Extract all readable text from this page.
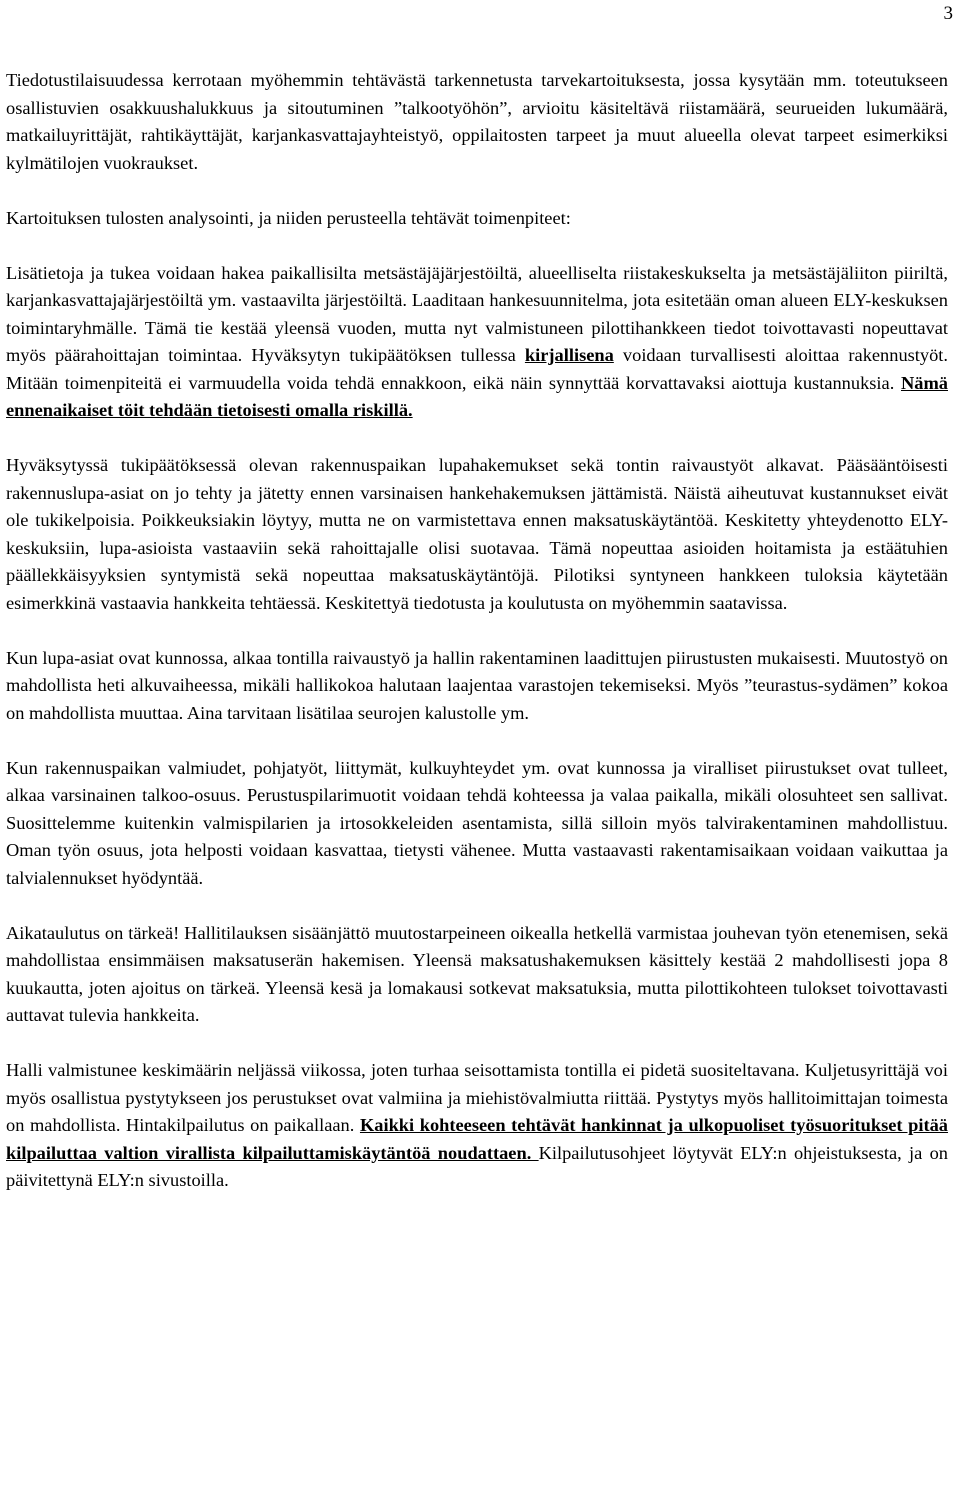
3

Tiedotustilaisuudessa kerrotaan myöhemmin tehtävästä tarkennetusta tarvekartoituksesta, jossa kysytään mm. toteutukseen osallistuvien osakkuushalukkuus ja sitoutuminen ”talkootyöhön”, arvioitu käsiteltävä riistamäärä, seurueiden lukumäärä, matkailuyrittäjät, rahtikäyttäjät, karjankasvattajayhteistyö, oppilaitosten tarpeet ja muut alueella olevat tarpeet esimerkiksi kylmätilojen vuokraukset.

Kartoituksen tulosten analysointi, ja niiden perusteella tehtävät toimenpiteet:

Lisätietoja ja tukea voidaan hakea paikallisilta metsästäjäjärjestöiltä, alueelliselta riistakeskukselta ja metsästäjäliiton piiriltä, karjankasvattajajärjestöiltä ym. vastaavilta järjestöiltä. Laaditaan hankesuunnitelma, jota esitetään oman alueen ELY-keskuksen toimintaryhmälle. Tämä tie kestää yleensä vuoden, mutta nyt valmistuneen pilottihankkeen tiedot toivottavasti nopeuttavat myös päärahoittajan toimintaa. Hyväksytyn tukipäätöksen tullessa kirjallisena voidaan turvallisesti aloittaa rakennustyöt. Mitään toimenpiteitä ei varmuudella voida tehdä ennakkoon, eikä näin synnyttää korvattavaksi aiottuja kustannuksia. Nämä ennenaikaiset töit tehdään tietoisesti omalla riskillä.

Hyväksytyssä tukipäätöksessä olevan rakennuspaikan lupahakemukset sekä tontin raivaustyöt alkavat. Pääsääntöisesti rakennuslupa-asiat on jo tehty ja jätetty ennen varsinaisen hankehakemuksen jättämistä. Näistä aiheutuvat kustannukset eivät ole tukikelpoisia. Poikkeuksiakin löytyy, mutta ne on varmistettava ennen maksatuskäytäntöä. Keskitetty yhteydenotto ELY-keskuksiin, lupa-asioista vastaaviin sekä rahoittajalle olisi suotavaa. Tämä nopeuttaa asioiden hoitamista ja estäätuhien päällekkäisyyksien syntymistä sekä nopeuttaa maksatuskäytäntöjä. Pilotiksi syntyneen hankkeen tuloksia käytetään esimerkkinä vastaavia hankkeita tehtäessä. Keskitettyä tiedotusta ja koulutusta on myöhemmin saatavissa.

Kun lupa-asiat ovat kunnossa, alkaa tontilla raivaustyö ja hallin rakentaminen laadittujen piirustusten mukaisesti. Muutostyö on mahdollista heti alkuvaiheessa, mikäli hallikokoa halutaan laajentaa varastojen tekemiseksi. Myös ”teurastus-sydämen” kokoa on mahdollista muuttaa. Aina tarvitaan lisätilaa seurojen kalustolle ym.

Kun rakennuspaikan valmiudet, pohjatyöt, liittymät, kulkuyhteydet ym. ovat kunnossa ja viralliset piirustukset ovat tulleet, alkaa varsinainen talkoo-osuus. Perustuspilarimuotit voidaan tehdä kohteessa ja valaa paikalla, mikäli olosuhteet sen sallivat. Suosittelemme kuitenkin valmispilarien ja irtosokkeleiden asentamista, sillä silloin myös talvirakentaminen mahdollistuu. Oman työn osuus, jota helposti voidaan kasvattaa, tietysti vähenee. Mutta vastaavasti rakentamisaikaan voidaan vaikuttaa ja talvialennukset hyödyntää.

Aikataulutus on tärkeä! Hallitilauksen sisäänjättö muutostarpeineen oikealla hetkellä varmistaa jouhevan työn etenemisen, sekä mahdollistaa ensimmäisen maksatuserän hakemisen. Yleensä maksatushakemuksen käsittely kestää 2 mahdollisesti jopa 8 kuukautta, joten ajoitus on tärkeä. Yleensä kesä ja lomakausi sotkevat maksatuksia, mutta pilottikohteen tulokset toivottavasti auttavat tulevia hankkeita.

Halli valmistunee keskimäärin neljässä viikossa, joten turhaa seisottamista tontilla ei pidetä suositeltavana. Kuljetusyrittäjä voi myös osallistua pystytykseen jos perustukset ovat valmiina ja miehistövalmiutta riittää. Pystytys myös hallitoimittajan toimesta on mahdollista. Hintakilpailutus on paikallaan. Kaikki kohteeseen tehtävät hankinnat ja ulkopuoliset työsuoritukset pitää kilpailuttaa valtion virallista kilpailuttamiskäytäntöä noudattaen. Kilpailutusohjeet löytyvät ELY:n ohjeistuksesta, ja on päivitettynä ELY:n sivustoilla.
